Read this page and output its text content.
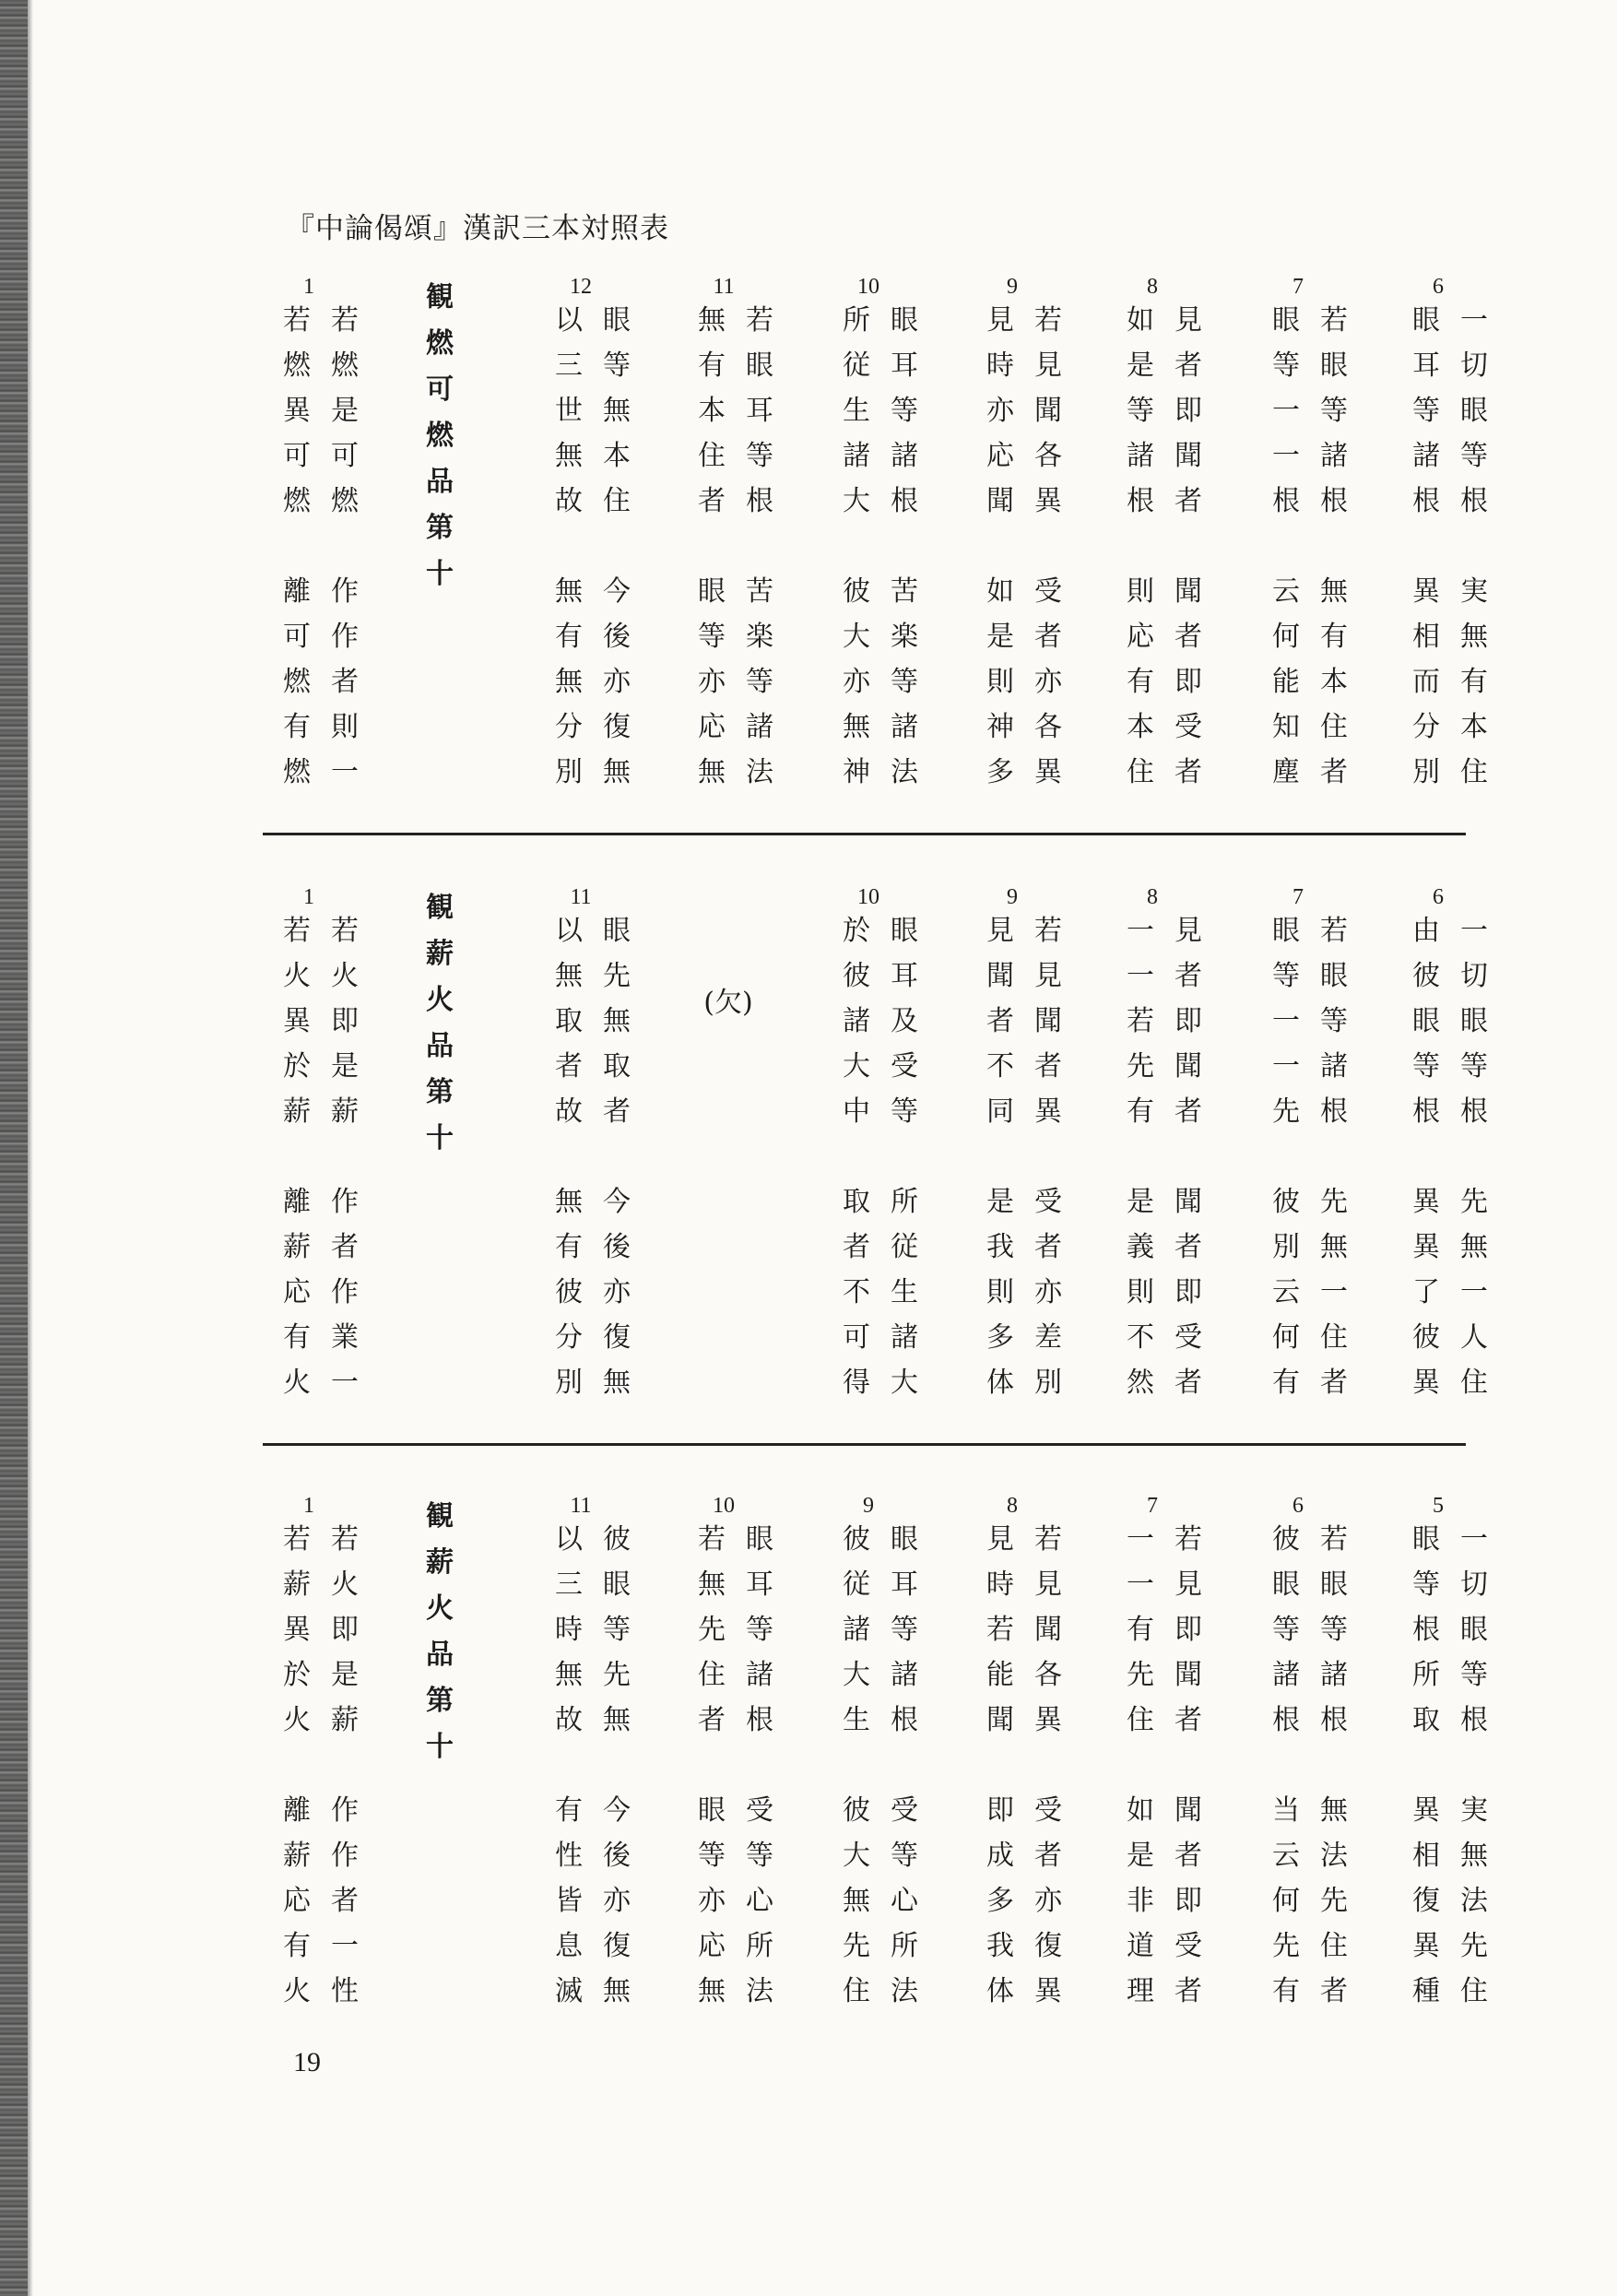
『中論偈頌』漢訳三本対照表
観燃可燃品第十
6
眼一
耳切
等眼
諸等
根根
異実
相無
而有
分本
別住
7
眼若
等眼
一等
一諸
根根
云無
何有
能本
知住
塵者
8
如見
是者
等即
諸聞
根者
則聞
応者
有即
本受
住者
9
見若
時見
亦聞
応各
聞異
如受
是者
則亦
神各
多異
10
所眼
従耳
生等
諸諸
大根
彼苦
大楽
亦等
無諸
神法
11
無若
有眼
本耳
住等
者根
眼苦
等楽
亦等
応諸
無法
12
以眼
三等
世無
無本
故住
無今
有後
無亦
分復
別無
1
若若
燃燃
異是
可可
燃燃
離作
可作
燃者
有則
燃一
観薪火品第十
(欠)
6
由一
彼切
眼眼
等等
根根
異先
異無
了一
彼人
異住
7
眼若
等眼
一等
一諸
先根
彼先
別無
云一
何住
有者
8
一見
一者
若即
先聞
有者
是聞
義者
則即
不受
然者
9
見若
聞見
者聞
不者
同異
是受
我者
則亦
多差
体別
10
於眼
彼耳
諸及
大受
中等
取所
者従
不生
可諸
得大
11
以眼
無先
取無
者取
故者
無今
有後
彼亦
分復
別無
1
若若
火火
異即
於是
薪薪
離作
薪者
応作
有業
火一
観薪火品第十
5
眼一
等切
根眼
所等
取根
異実
相無
復法
異先
種住
6
彼若
眼眼
等等
諸諸
根根
当無
云法
何先
先住
有者
7
一若
一見
有即
先聞
住者
如聞
是者
非即
道受
理者
8
見若
時見
若聞
能各
聞異
即受
成者
多亦
我復
体異
9
彼眼
従耳
諸等
大諸
生根
彼受
大等
無心
先所
住法
10
若眼
無耳
先等
住諸
者根
眼受
等等
亦心
応所
無法
11
以彼
三眼
時等
無先
故無
有今
性後
皆亦
息復
滅無
1
若若
薪火
異即
於是
火薪
離作
薪作
応者
有一
火性
19
